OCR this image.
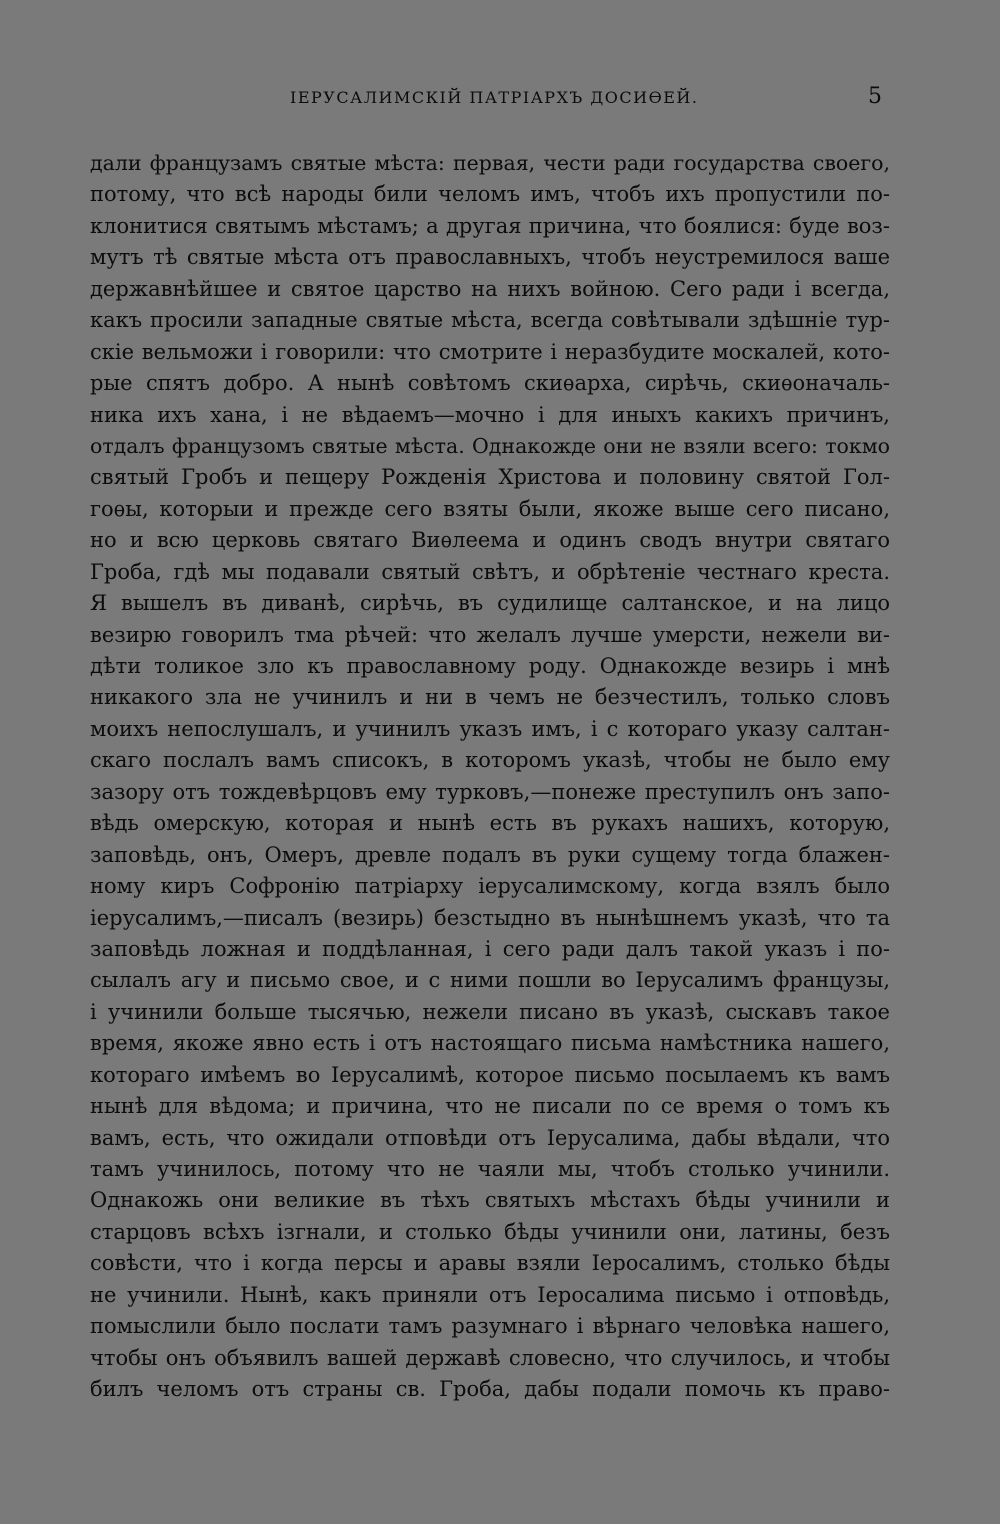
ІЕРУСАЛИМСКІЙ ПАТРІАРХЪ ДОСИѲЕЙ.	5
дали французамъ святые мѣста: первая, чести ради государства своего,
потому, что всѣ народы били челомъ имъ, чтобъ ихъ пропустили по-
клонитися святымъ мѣстамъ; а другая причина, что боялися: буде воз-
мутъ тѣ святые мѣста отъ православныхъ, чтобъ неустремилося ваше
державнѣйшее и святое царство на нихъ войною. Сего ради і всегда,
какъ просили западные святые мѣста, всегда совѣтывали здѣшніе тур-
скіе вельможи і говорили: что смотрите і неразбудите москалей, кото-
рые спятъ добро. А нынѣ совѣтомъ скиѳарха, сирѣчь, скиѳоначаль-
ника ихъ хана, і не вѣдаемъ—мочно і для иныхъ какихъ причинъ,
отдалъ французомъ святые мѣста. Однакожде они не взяли всего: токмо
святый Гробъ и пещеру Рожденія Христова и половину святой Гол-
гоѳы, которыи и прежде сего взяты были, якоже выше сего писано,
но и всю церковь святаго Виѳлеема и одинъ сводъ внутри святаго
Гроба, гдѣ мы подавали святый свѣтъ, и обрѣтеніе честнаго креста.
Я вышелъ въ диванѣ, сирѣчь, въ судилище салтанское, и на лицо
везирю говорилъ тма рѣчей: что желалъ лучше умерсти, нежели ви-
дѣти толикое зло къ православному роду. Однакожде везирь і мнѣ
никакого зла не учинилъ и ни в чемъ не безчестилъ, только словъ
моихъ непослушалъ, и учинилъ указъ имъ, і с котораго указу салтан-
скаго послалъ вамъ списокъ, в которомъ указѣ, чтобы не было ему
зазору отъ тождевѣрцовъ ему турковъ,—понеже преступилъ онъ запо-
вѣдь омерскую, которая и нынѣ есть въ рукахъ нашихъ, которую,
заповѣдь, онъ, Омеръ, древле подалъ въ руки сущему тогда блажен-
ному киръ Софронію патріарху іерусалимскому, когда взялъ было
іерусалимъ,—писалъ (везирь) безстыдно въ нынѣшнемъ указѣ, что та
заповѣдь ложная и поддѣланная, і сего ради далъ такой указъ і по-
сылалъ агу и письмо свое, и с ними пошли во Іерусалимъ французы,
і учинили больше тысячью, нежели писано въ указѣ, сыскавъ такое
время, якоже явно есть і отъ настоящаго письма намѣстника нашего,
котораго имѣемъ во Іерусалимѣ, которое письмо посылаемъ къ вамъ
нынѣ для вѣдома; и причина, что не писали по се время о томъ къ
вамъ, есть, что ожидали отповѣди отъ Іерусалима, дабы вѣдали, что
тамъ учинилось, потому что не чаяли мы, чтобъ столько учинили.
Однакожь они великие въ тѣхъ святыхъ мѣстахъ бѣды учинили и
старцовъ всѣхъ ізгнали, и столько бѣды учинили они, латины, безъ
совѣсти, что і когда персы и аравы взяли Іеросалимъ, столько бѣды
не учинили. Нынѣ, какъ приняли отъ Іеросалима письмо і отповѣдь,
помыслили было послати тамъ разумнаго і вѣрнаго человѣка нашего,
чтобы онъ объявилъ вашей державѣ словесно, что случилось, и чтобы
билъ челомъ отъ страны св. Гроба, дабы подали помочь къ право-
